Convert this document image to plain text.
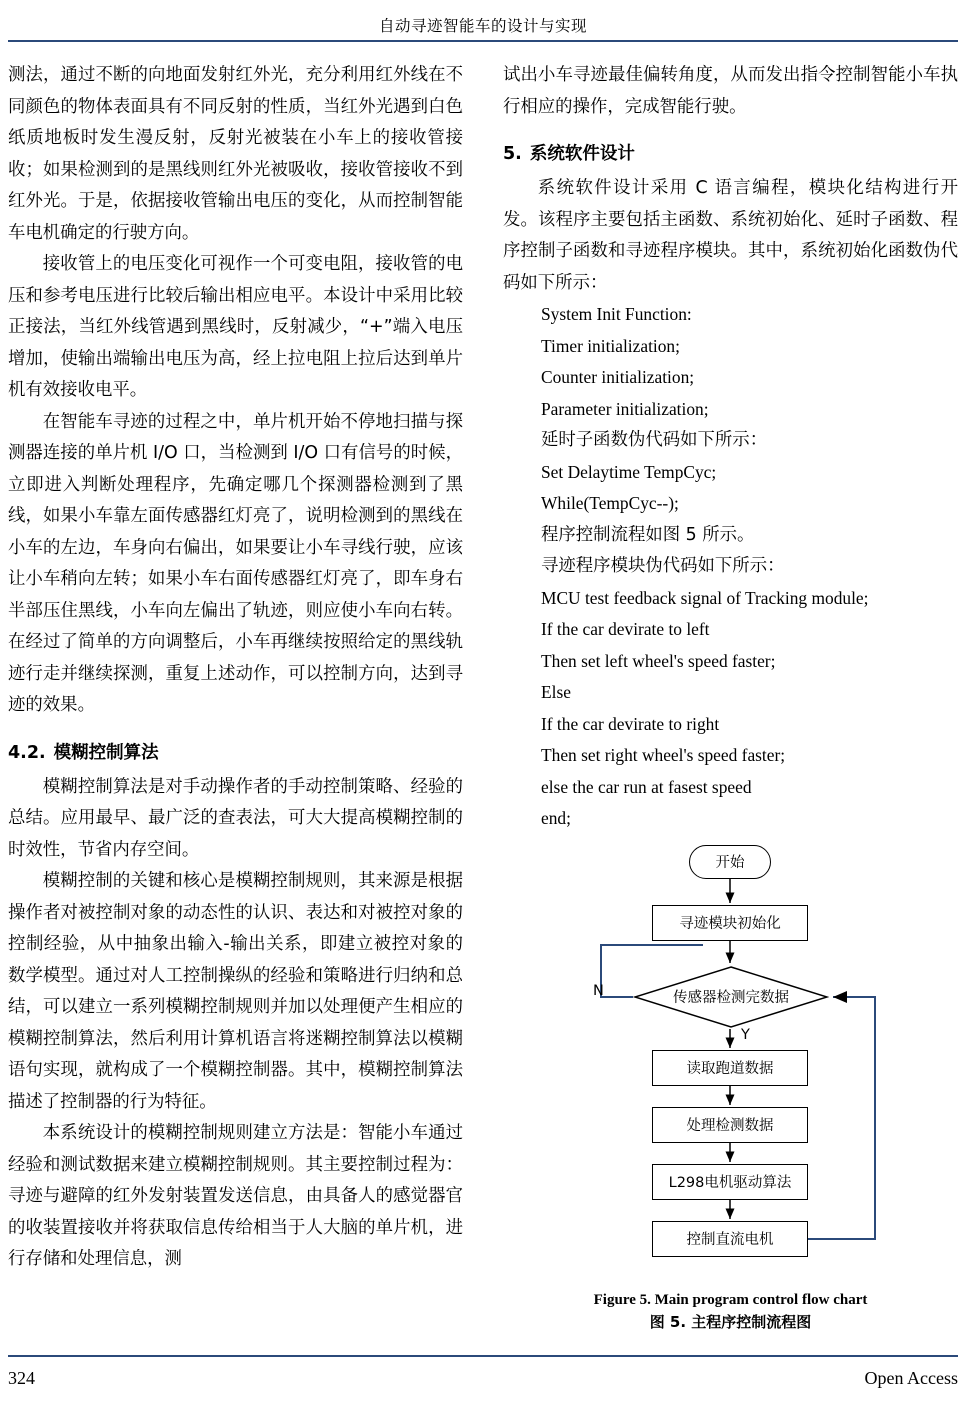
自动寻迹智能车的设计与实现

测法，通过不断的向地面发射红外光，充分利用红外线在不同颜色的物体表面具有不同反射的性质，当红外光遇到白色纸质地板时发生漫反射，反射光被装在小车上的接收管接收；如果检测到的是黑线则红外光被吸收，接收管接收不到红外光。于是，依据接收管输出电压的变化，从而控制智能车电机确定的行驶方向。

接收管上的电压变化可视作一个可变电阻，接收管的电压和参考电压进行比较后输出相应电平。本设计中采用比较正接法，当红外线管遇到黑线时，反射减少，“+”端入电压增加，使输出端输出电压为高，经上拉电阻上拉后达到单片机有效接收电平。

在智能车寻迹的过程之中，单片机开始不停地扫描与探测器连接的单片机 I/O 口，当检测到 I/O 口有信号的时候，立即进入判断处理程序，先确定哪几个探测器检测到了黑线，如果小车靠左面传感器红灯亮了，说明检测到的黑线在小车的左边，车身向右偏出，如果要让小车寻线行驶，应该让小车稍向左转；如果小车右面传感器红灯亮了，即车身右半部压住黑线，小车向左偏出了轨迹，则应使小车向右转。在经过了简单的方向调整后，小车再继续按照给定的黑线轨迹行走并继续探测，重复上述动作，可以控制方向，达到寻迹的效果。

4.2. 模糊控制算法

模糊控制算法是对手动操作者的手动控制策略、经验的总结。应用最早、最广泛的查表法，可大大提高模糊控制的时效性，节省内存空间。

模糊控制的关键和核心是模糊控制规则，其来源是根据操作者对被控制对象的动态性的认识、表达和对被控对象的控制经验，从中抽象出输入‐输出关系，即建立被控对象的数学模型。通过对人工控制操纵的经验和策略进行归纳和总结，可以建立一系列模糊控制规则并加以处理便产生相应的模糊控制算法，然后利用计算机语言将迷糊控制算法以模糊语句实现，就构成了一个模糊控制器。其中，模糊控制算法描述了控制器的行为特征。

本系统设计的模糊控制规则建立方法是：智能小车通过经验和测试数据来建立模糊控制规则。其主要控制过程为：寻迹与避障的红外发射装置发送信息，由具备人的感觉器官的收装置接收并将获取信息传给相当于人大脑的单片机，进行存储和处理信息，测

试出小车寻迹最佳偏转角度，从而发出指令控制智能小车执行相应的操作，完成智能行驶。

5. 系统软件设计

系统软件设计采用 C 语言编程，模块化结构进行开发。该程序主要包括主函数、系统初始化、延时子函数、程序控制子函数和寻迹程序模块。其中，系统初始化函数伪代码如下所示：

System Init Function:

Timer initialization;

Counter initialization;

Parameter initialization;

延时子函数伪代码如下所示：

Set Delaytime TempCyc;

While(TempCyc--);

程序控制流程如图 5 所示。

寻迹程序模块伪代码如下所示：

MCU test feedback signal of Tracking module;

If the car devirate to left

Then set left wheel's speed faster;

Else

If the car devirate to right

Then set right wheel's speed faster;

else the car run at fasest speed

end;

开始
寻迹模块初始化
传感器检测完数据
N
Y
读取跑道数据
处理检测数据
L298电机驱动算法
控制直流电机
Figure 5. Main program control flow chart
图 5. 主程序控制流程图
324	Open Access
